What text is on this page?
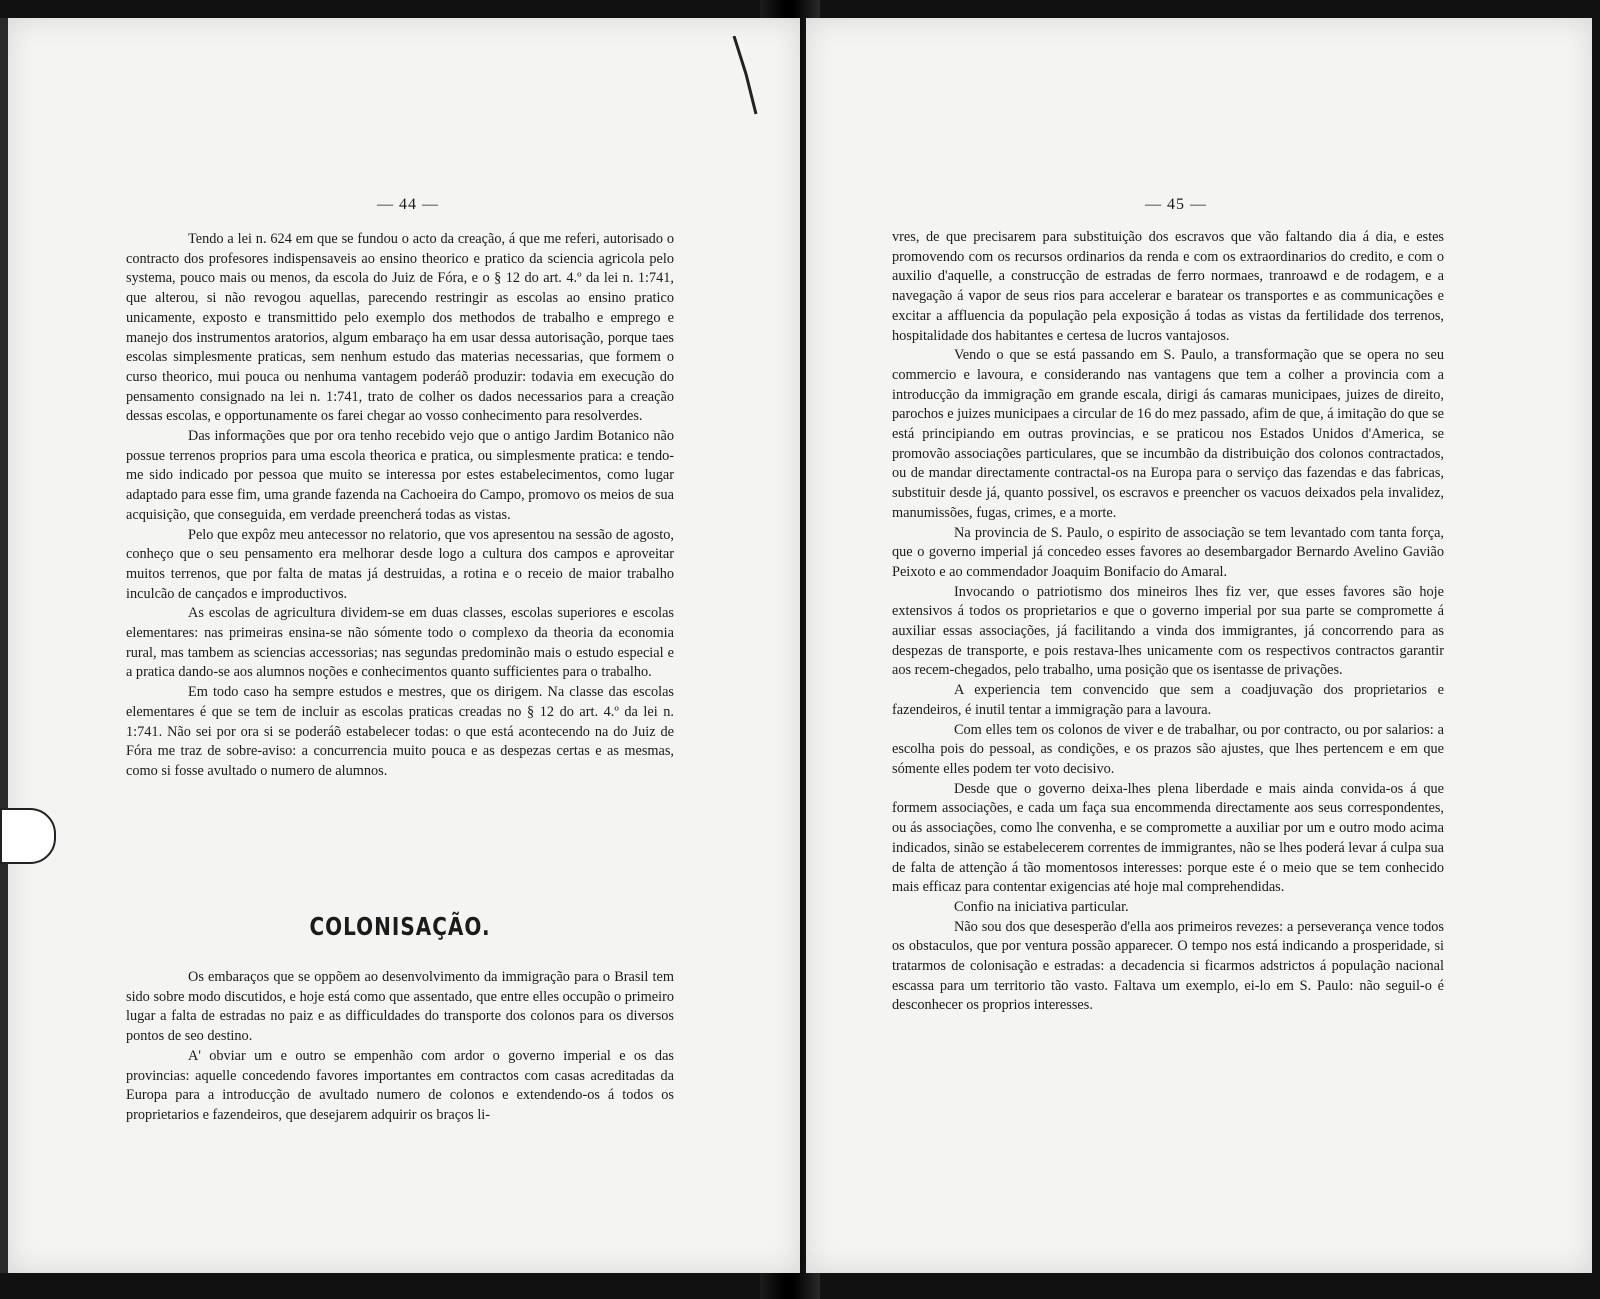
— 44 —

Tendo a lei n. 624 em que se fundou o acto da creação, á que me referi, autorisado o contracto dos profesores indispensaveis ao ensino theorico e pratico da sciencia agricola pelo systema, pouco mais ou menos, da escola do Juiz de Fóra, e o § 12 do art. 4.º da lei n. 1:741, que alterou, si não revogou aquellas, parecendo restringir as escolas ao ensino pratico unicamente, exposto e transmittido pelo exemplo dos methodos de trabalho e emprego e manejo dos instrumentos aratorios, algum embaraço ha em usar dessa autorisação, porque taes escolas simplesmente praticas, sem nenhum estudo das materias necessarias, que formem o curso theorico, mui pouca ou nenhuma vantagem poderáõ produzir: todavia em execução do pensamento consignado na lei n. 1:741, trato de colher os dados necessarios para a creação dessas escolas, e opportunamente os farei chegar ao vosso conhecimento para resolverdes.

Das informações que por ora tenho recebido vejo que o antigo Jardim Botanico não possue terrenos proprios para uma escola theorica e pratica, ou simplesmente pratica: e tendo-me sido indicado por pessoa que muito se interessa por estes estabelecimentos, como lugar adaptado para esse fim, uma grande fazenda na Cachoeira do Campo, promovo os meios de sua acquisição, que conseguida, em verdade preencherá todas as vistas.

Pelo que expôz meu antecessor no relatorio, que vos apresentou na sessão de agosto, conheço que o seu pensamento era melhorar desde logo a cultura dos campos e aproveitar muitos terrenos, que por falta de matas já destruidas, a rotina e o receio de maior trabalho inculcão de cançados e improductivos.

As escolas de agricultura dividem-se em duas classes, escolas superiores e escolas elementares: nas primeiras ensina-se não sómente todo o complexo da theoria da economia rural, mas tambem as sciencias accessorias; nas segundas predominão mais o estudo especial e a pratica dando-se aos alumnos noções e conhecimentos quanto sufficientes para o trabalho.

Em todo caso ha sempre estudos e mestres, que os dirigem. Na classe das escolas elementares é que se tem de incluir as escolas praticas creadas no § 12 do art. 4.º da lei n. 1:741. Não sei por ora si se poderáõ estabelecer todas: o que está acontecendo na do Juiz de Fóra me traz de sobre-aviso: a concurrencia muito pouca e as despezas certas e as mesmas, como si fosse avultado o numero de alumnos.

COLONISAÇÃO.

Os embaraços que se oppõem ao desenvolvimento da immigração para o Brasil tem sido sobre modo discutidos, e hoje está como que assentado, que entre elles occupão o primeiro lugar a falta de estradas no paiz e as difficuldades do transporte dos colonos para os diversos pontos de seo destino.

A' obviar um e outro se empenhão com ardor o governo imperial e os das provincias: aquelle concedendo favores importantes em contractos com casas acreditadas da Europa para a introducção de avultado numero de colonos e extendendo-os á todos os proprietarios e fazendeiros, que desejarem adquirir os braços li-

— 45 —

vres, de que precisarem para substituição dos escravos que vão faltando dia á dia, e estes promovendo com os recursos ordinarios da renda e com os extraordinarios do credito, e com o auxilio d'aquelle, a construcção de estradas de ferro normaes, tranroawd e de rodagem, e a navegação á vapor de seus rios para accelerar e baratear os transportes e as communicações e excitar a affluencia da população pela exposição á todas as vistas da fertilidade dos terrenos, hospitalidade dos habitantes e certesa de lucros vantajosos.

Vendo o que se está passando em S. Paulo, a transformação que se opera no seu commercio e lavoura, e considerando nas vantagens que tem a colher a provincia com a introducção da immigração em grande escala, dirigi ás camaras municipaes, juizes de direito, parochos e juizes municipaes a circular de 16 do mez passado, afim de que, á imitação do que se está principiando em outras provincias, e se praticou nos Estados Unidos d'America, se promovão associações particulares, que se incumbão da distribuição dos colonos contractados, ou de mandar directamente contractal-os na Europa para o serviço das fazendas e das fabricas, substituir desde já, quanto possivel, os escravos e preencher os vacuos deixados pela invalidez, manumissões, fugas, crimes, e a morte.

Na provincia de S. Paulo, o espirito de associação se tem levantado com tanta força, que o governo imperial já concedeo esses favores ao desembargador Bernardo Avelino Gavião Peixoto e ao commendador Joaquim Bonifacio do Amaral.

Invocando o patriotismo dos mineiros lhes fiz ver, que esses favores são hoje extensivos á todos os proprietarios e que o governo imperial por sua parte se compromette á auxiliar essas associações, já facilitando a vinda dos immigrantes, já concorrendo para as despezas de transporte, e pois restava-lhes unicamente com os respectivos contractos garantir aos recem-chegados, pelo trabalho, uma posição que os isentasse de privações.

A experiencia tem convencido que sem a coadjuvação dos proprietarios e fazendeiros, é inutil tentar a immigração para a lavoura.

Com elles tem os colonos de viver e de trabalhar, ou por contracto, ou por salarios: a escolha pois do pessoal, as condições, e os prazos são ajustes, que lhes pertencem e em que sómente elles podem ter voto decisivo.

Desde que o governo deixa-lhes plena liberdade e mais ainda convida-os á que formem associações, e cada um faça sua encommenda directamente aos seus correspondentes, ou ás associações, como lhe convenha, e se compromette a auxiliar por um e outro modo acima indicados, sinão se estabelecerem correntes de immigrantes, não se lhes poderá levar á culpa sua de falta de attenção á tão momentosos interesses: porque este é o meio que se tem conhecido mais efficaz para contentar exigencias até hoje mal comprehendidas.

Confio na iniciativa particular.

Não sou dos que desesperão d'ella aos primeiros revezes: a perseverança vence todos os obstaculos, que por ventura possão apparecer. O tempo nos está indicando a prosperidade, si tratarmos de colonisação e estradas: a decadencia si ficarmos adstrictos á população nacional escassa para um territorio tão vasto. Faltava um exemplo, ei-lo em S. Paulo: não seguil-o é desconhecer os proprios interesses.
